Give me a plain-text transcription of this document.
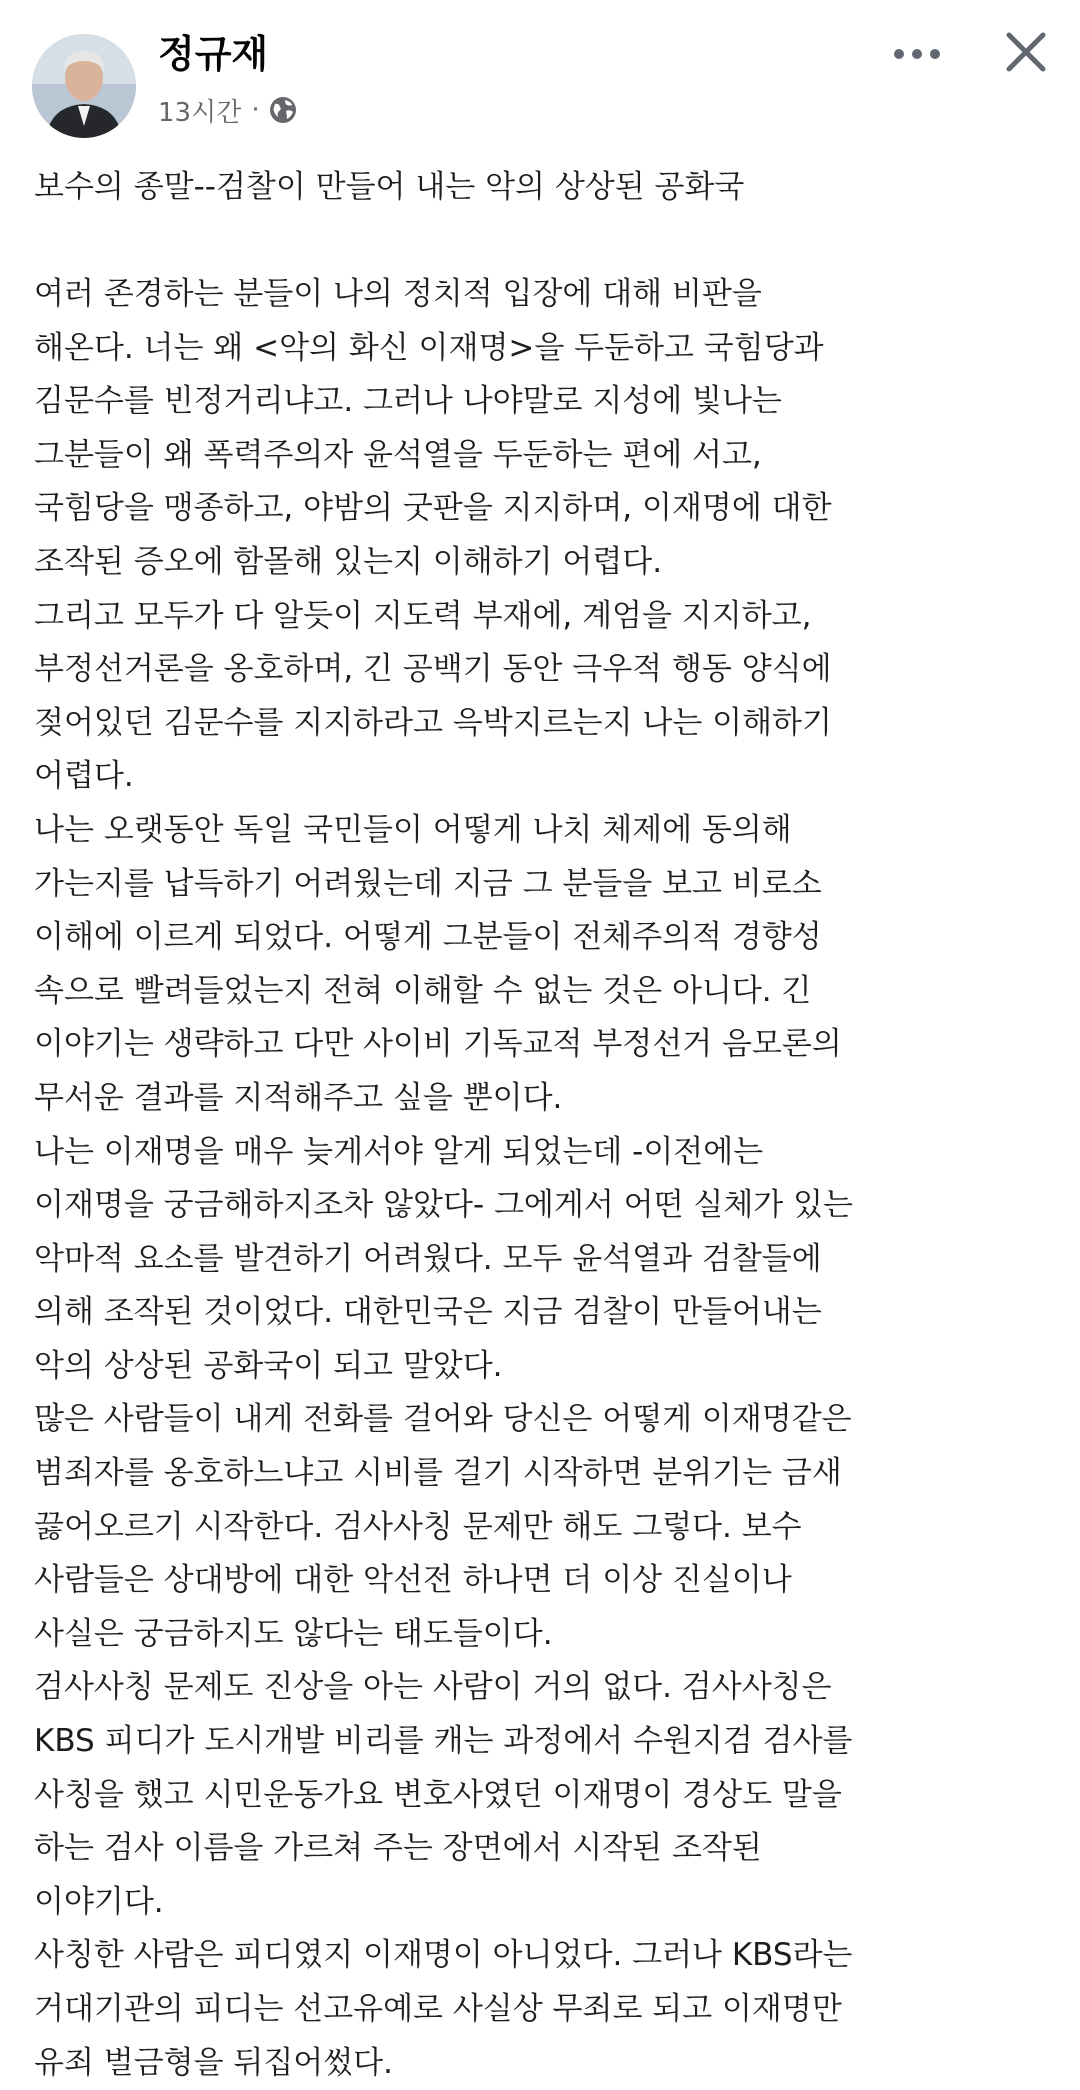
정규재
13시간 ·

보수의 종말--검찰이 만들어 내는 악의 상상된 공화국

여러 존경하는 분들이 나의 정치적 입장에 대해 비판을

해온다. 너는 왜 <악의 화신 이재명>을 두둔하고 국힘당과

김문수를 빈정거리냐고. 그러나 나야말로 지성에 빛나는

그분들이 왜 폭력주의자 윤석열을 두둔하는 편에 서고,

국힘당을 맹종하고, 야밤의 굿판을 지지하며, 이재명에 대한

조작된 증오에 함몰해 있는지 이해하기 어렵다.

그리고 모두가 다 알듯이 지도력 부재에, 계엄을 지지하고,

부정선거론을 옹호하며, 긴 공백기 동안 극우적 행동 양식에

젖어있던 김문수를 지지하라고 윽박지르는지 나는 이해하기

어렵다.

나는 오랫동안 독일 국민들이 어떻게 나치 체제에 동의해

가는지를 납득하기 어려웠는데 지금 그 분들을 보고 비로소

이해에 이르게 되었다. 어떻게 그분들이 전체주의적 경향성

속으로 빨려들었는지 전혀 이해할 수 없는 것은 아니다. 긴

이야기는 생략하고 다만 사이비 기독교적 부정선거 음모론의

무서운 결과를 지적해주고 싶을 뿐이다.

나는 이재명을 매우 늦게서야 알게 되었는데 -이전에는

이재명을 궁금해하지조차 않았다- 그에게서 어떤 실체가 있는

악마적 요소를 발견하기 어려웠다. 모두 윤석열과 검찰들에

의해 조작된 것이었다. 대한민국은 지금 검찰이 만들어내는

악의 상상된 공화국이 되고 말았다.

많은 사람들이 내게 전화를 걸어와 당신은 어떻게 이재명같은

범죄자를 옹호하느냐고 시비를 걸기 시작하면 분위기는 금새

끓어오르기 시작한다. 검사사칭 문제만 해도 그렇다. 보수

사람들은 상대방에 대한 악선전 하나면 더 이상 진실이나

사실은 궁금하지도 않다는 태도들이다.

검사사칭 문제도 진상을 아는 사람이 거의 없다. 검사사칭은

KBS 피디가 도시개발 비리를 캐는 과정에서 수원지검 검사를

사칭을 했고 시민운동가요 변호사였던 이재명이 경상도 말을

하는 검사 이름을 가르쳐 주는 장면에서 시작된 조작된

이야기다.

사칭한 사람은 피디였지 이재명이 아니었다. 그러나 KBS라는

거대기관의 피디는 선고유예로 사실상 무죄로 되고 이재명만

유죄 벌금형을 뒤집어썼다.
